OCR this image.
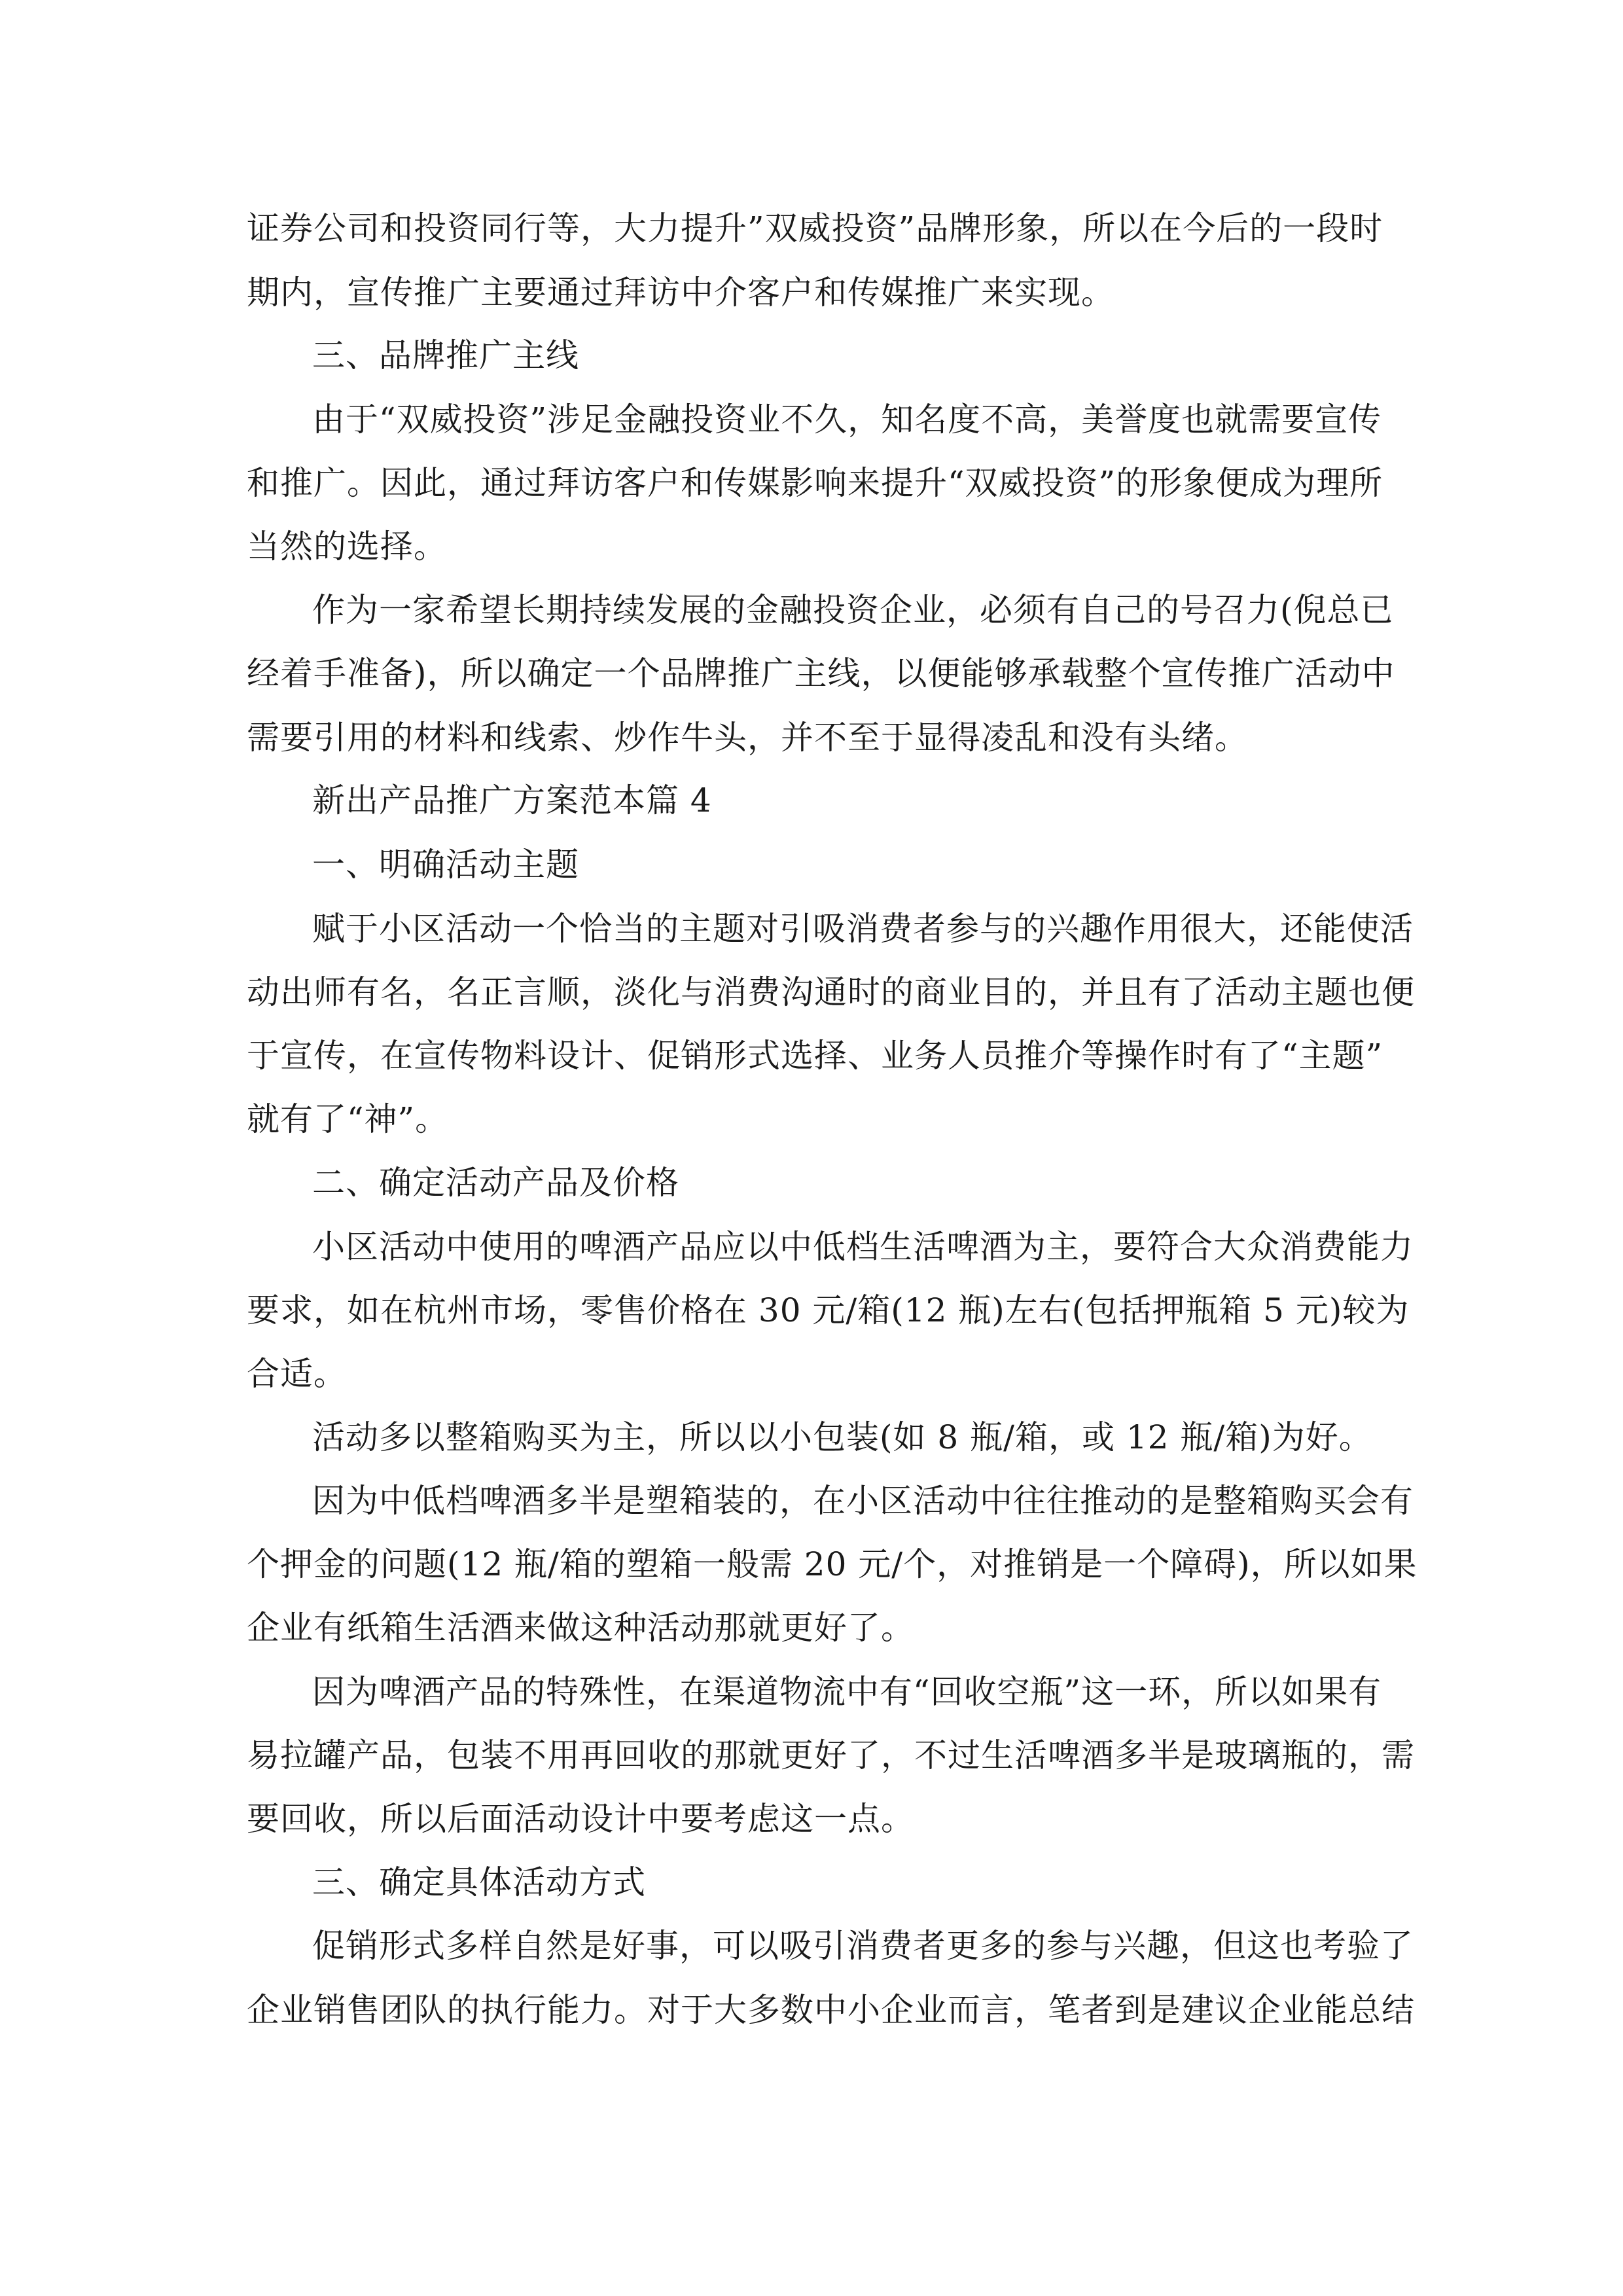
证券公司和投资同行等，大力提升”双威投资”品牌形象，所以在今后的一段时
期内，宣传推广主要通过拜访中介客户和传媒推广来实现。
三、品牌推广主线
由于“双威投资”涉足金融投资业不久，知名度不高，美誉度也就需要宣传
和推广。因此，通过拜访客户和传媒影响来提升“双威投资”的形象便成为理所
当然的选择。
作为一家希望长期持续发展的金融投资企业，必须有自己的号召力(倪总已
经着手准备)，所以确定一个品牌推广主线，以便能够承载整个宣传推广活动中
需要引用的材料和线索、炒作牛头，并不至于显得凌乱和没有头绪。
新出产品推广方案范本篇 4
一、明确活动主题
赋于小区活动一个恰当的主题对引吸消费者参与的兴趣作用很大，还能使活
动出师有名，名正言顺，淡化与消费沟通时的商业目的，并且有了活动主题也便
于宣传，在宣传物料设计、促销形式选择、业务人员推介等操作时有了“主题”
就有了“神”。
二、确定活动产品及价格
小区活动中使用的啤酒产品应以中低档生活啤酒为主，要符合大众消费能力
要求，如在杭州市场，零售价格在 30 元/箱(12 瓶)左右(包括押瓶箱 5 元)较为
合适。
活动多以整箱购买为主，所以以小包装(如 8 瓶/箱，或 12 瓶/箱)为好。
因为中低档啤酒多半是塑箱装的，在小区活动中往往推动的是整箱购买会有
个押金的问题(12 瓶/箱的塑箱一般需 20 元/个，对推销是一个障碍)，所以如果
企业有纸箱生活酒来做这种活动那就更好了。
因为啤酒产品的特殊性，在渠道物流中有“回收空瓶”这一环，所以如果有
易拉罐产品，包装不用再回收的那就更好了，不过生活啤酒多半是玻璃瓶的，需
要回收，所以后面活动设计中要考虑这一点。
三、确定具体活动方式
促销形式多样自然是好事，可以吸引消费者更多的参与兴趣，但这也考验了
企业销售团队的执行能力。对于大多数中小企业而言，笔者到是建议企业能总结
